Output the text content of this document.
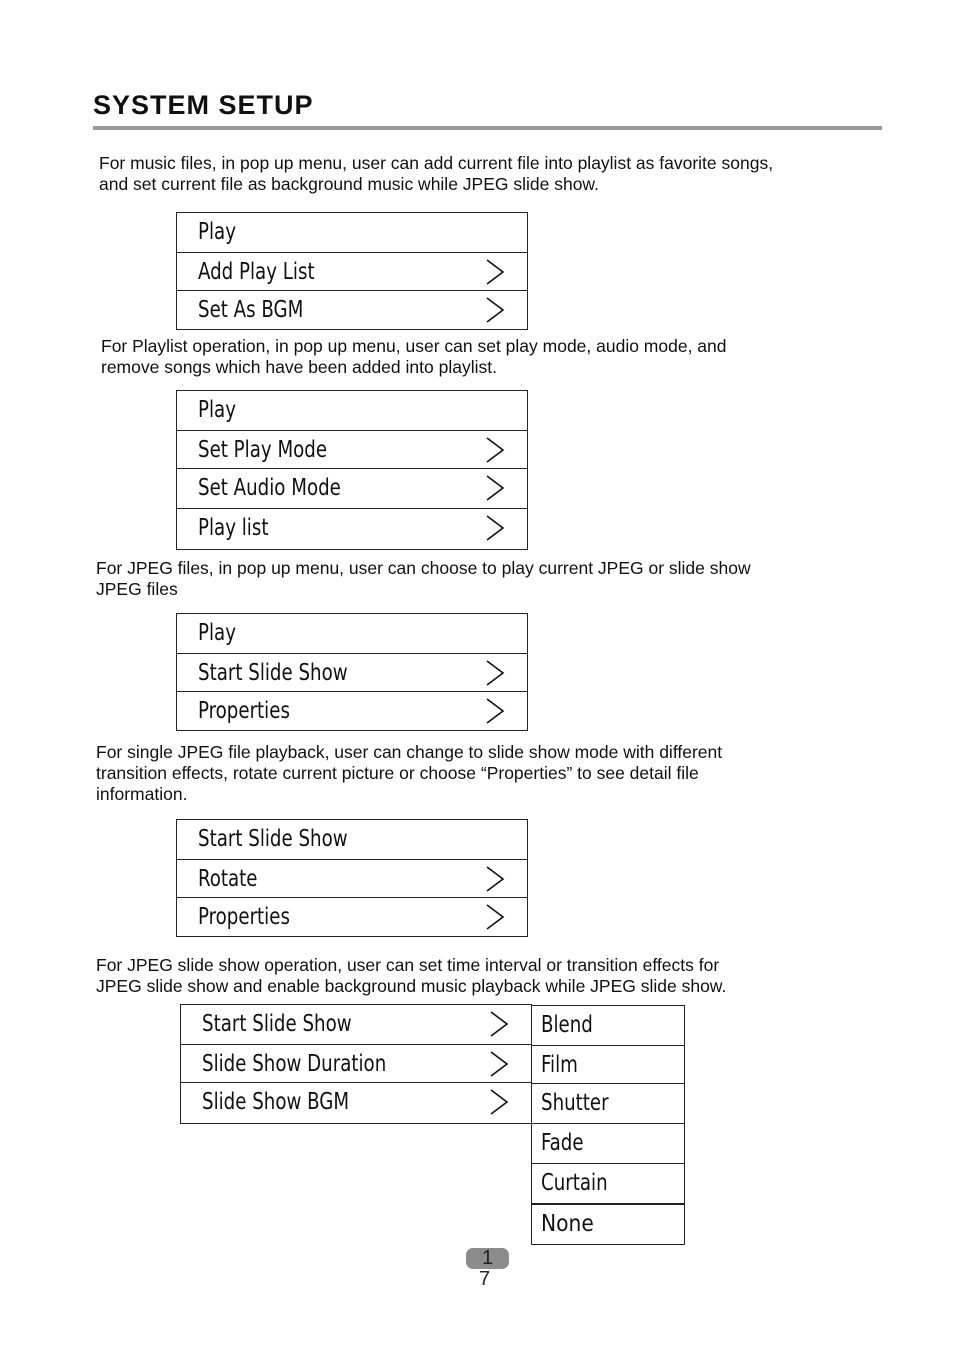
SYSTEM SETUP
For music files, in pop up menu, user can add current file into playlist as favorite songs,
and set current file as background music while JPEG slide show.
Play
Add Play List
Set As BGM
For Playlist operation, in pop up menu, user can set play mode, audio mode, and
remove songs which have been added into playlist.
Play
Set Play Mode
Set Audio Mode
Play list
For JPEG files, in pop up menu, user can choose to play current JPEG or slide show
JPEG files
Play
Start Slide Show
Properties
For single JPEG file playback, user can change to slide show mode with different
transition effects, rotate current picture or choose “Properties” to see detail file
information.
Start Slide Show
Rotate
Properties
For JPEG slide show operation, user can set time interval or transition effects for
JPEG slide show and enable background music playback while JPEG slide show.
Start Slide Show
Slide Show Duration
Slide Show BGM
Blend
Film
Shutter
Fade
Curtain
None
1 7
